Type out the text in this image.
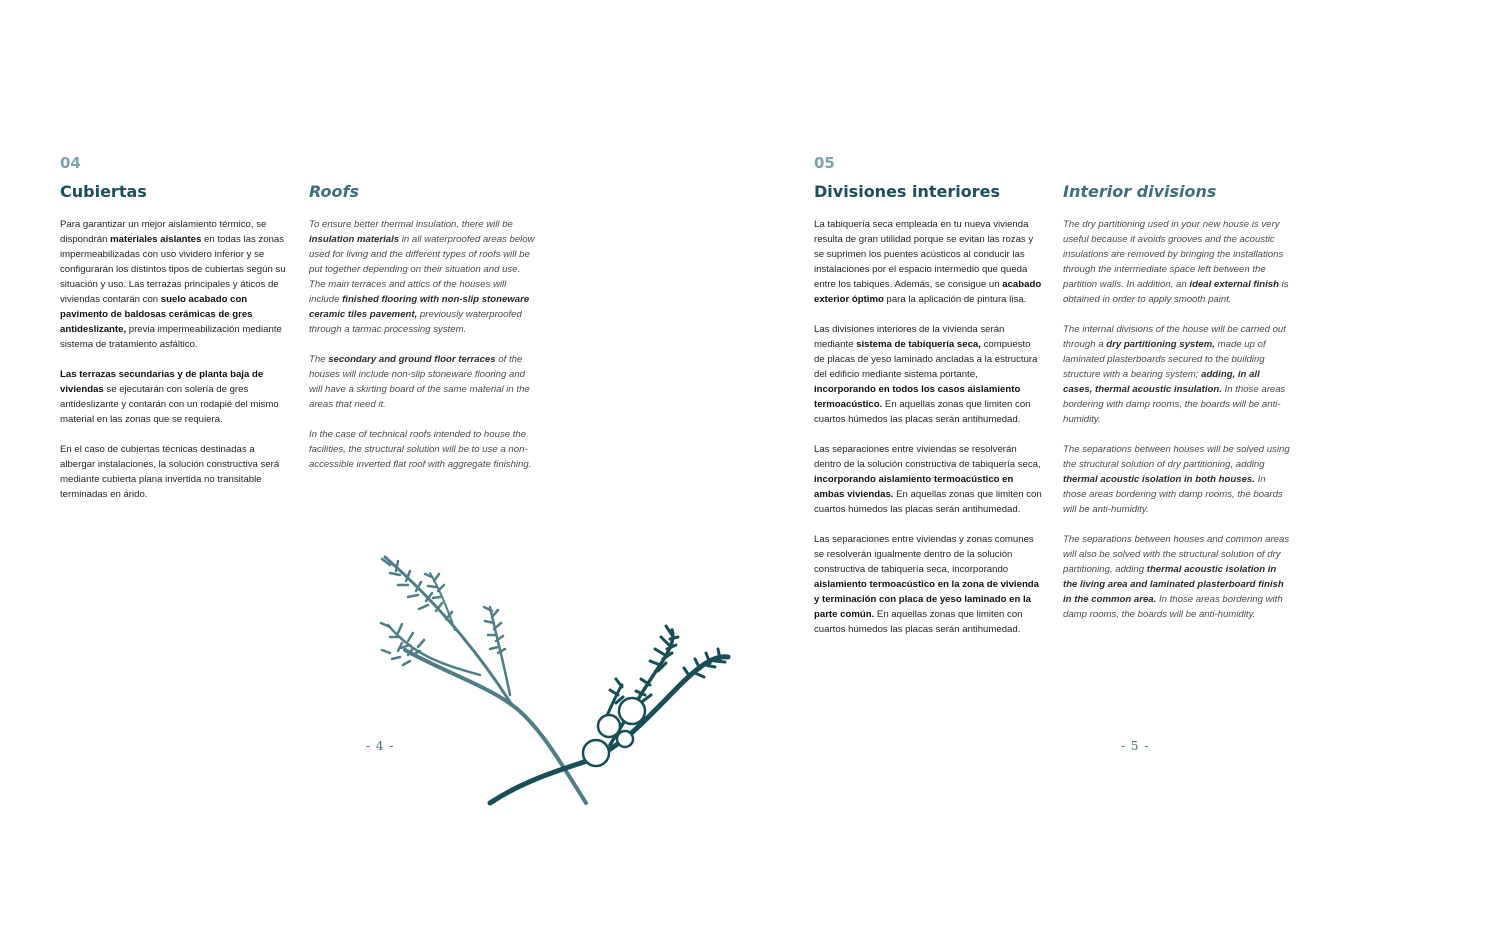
04
Cubiertas	Roofs

Para garantizar un mejor aislamiento térmico, se dispondrán materiales aislantes en todas las zonas impermeabilizadas con uso vividero inferior y se configurarán los distintos tipos de cubiertas según su situación y uso. Las terrazas principales y áticos de viviendas contarán con suelo acabado con pavimento de baldosas cerámicas de gres antideslizante, previa impermeabilización mediante sistema de tratamiento asfáltico.

Las terrazas secundarias y de planta baja de viviendas se ejecutarán con solería de gres antideslizante y contarán con un rodapié del mismo material en las zonas que se requiera.

En el caso de cubiertas técnicas destinadas a albergar instalaciones, la solución constructiva será mediante cubierta plana invertida no transitable terminadas en árido.

To ensure better thermal insulation, there will be insulation materials in all waterproofed areas below used for living and the different types of roofs will be put together depending on their situation and use. The main terraces and attics of the houses will include finished flooring with non-slip stoneware ceramic tiles pavement, previously waterproofed through a tarmac processing system.

The secondary and ground floor terraces of the houses will include non-slip stoneware flooring and will have a skirting board of the same material in the areas that need it.

In the case of technical roofs intended to house the facilities, the structural solution will be to use a non-accessible inverted flat roof with aggregate finishing.

- 4 -
05
Divisiones interiores	Interior divisions

La tabiquería seca empleada en tu nueva vivienda resulta de gran utilidad porque se evitan las rozas y se suprimen los puentes acústicos al conducir las instalaciones por el espacio intermedio que queda entre los tabiques. Además, se consigue un acabado exterior óptimo para la aplicación de pintura lisa.

Las divisiones interiores de la vivienda serán mediante sistema de tabiquería seca, compuesto de placas de yeso laminado ancladas a la estructura del edificio mediante sistema portante, incorporando en todos los casos aislamiento termoacústico. En aquellas zonas que limiten con cuartos húmedos las placas serán antihumedad.

Las separaciones entre viviendas se resolverán dentro de la solución constructiva de tabiquería seca, incorporando aislamiento termoacústico en ambas viviendas. En aquellas zonas que limiten con cuartos húmedos las placas serán antihumedad.

Las separaciones entre viviendas y zonas comunes se resolverán igualmente dentro de la solución constructiva de tabiquería seca, incorporando aislamiento termoacústico en la zona de vivienda y terminación con placa de yeso laminado en la parte común. En aquellas zonas que limiten con cuartos húmedos las placas serán antihumedad.

The dry partitioning used in your new house is very useful because it avoids grooves and the acoustic insulations are removed by bringing the installations through the intermediate space left between the partition walls. In addition, an ideal external finish is obtained in order to apply smooth paint.

The internal divisions of the house will be carried out through a dry partitioning system, made up of laminated plasterboards secured to the building structure with a bearing system; adding, in all cases, thermal acoustic insulation. In those areas bordering with damp rooms, the boards will be anti-humidity.

The separations between houses will be solved using the structural solution of dry partitioning, adding thermal acoustic isolation in both houses. In those areas bordering with damp rooms, the boards will be anti-humidity.

The separations between houses and common areas will also be solved with the structural solution of dry partitioning, adding thermal acoustic isolation in the living area and laminated plasterboard finish in the common area. In those areas bordering with damp rooms, the boards will be anti-humidity.

- 5 -
